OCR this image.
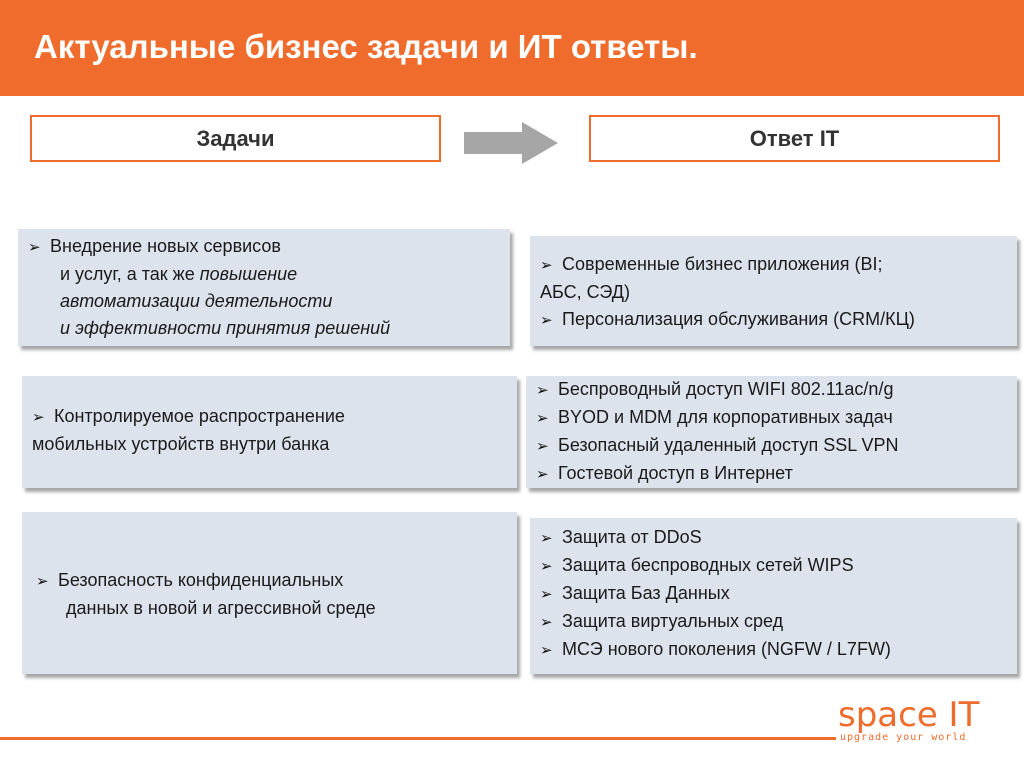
Актуальные бизнес задачи и ИТ ответы.
Задачи	Ответ IT
➢ Внедрение новых сервисов
и услуг, а так же повышение
автоматизации деятельности
и эффективности принятия решений
➢ Контролируемое распространение
мобильных устройств внутри банка
➢ Безопасность конфиденциальных
данных в новой и агрессивной среде
➢ Современные бизнес приложения (BI;
АБС, СЭД)
➢ Персонализация обслуживания (CRM/КЦ)
➢ Беспроводный доступ WIFI 802.11ac/n/g
➢ BYOD и MDM для корпоративных задач
➢ Безопасный удаленный доступ SSL VPN
➢ Гостевой доступ в Интернет
➢ Защита от DDoS
➢ Защита беспроводных сетей WIPS
➢ Защита Баз Данных
➢ Защита виртуальных сред
➢ МСЭ нового поколения (NGFW / L7FW)
space IT
upgrade your world
